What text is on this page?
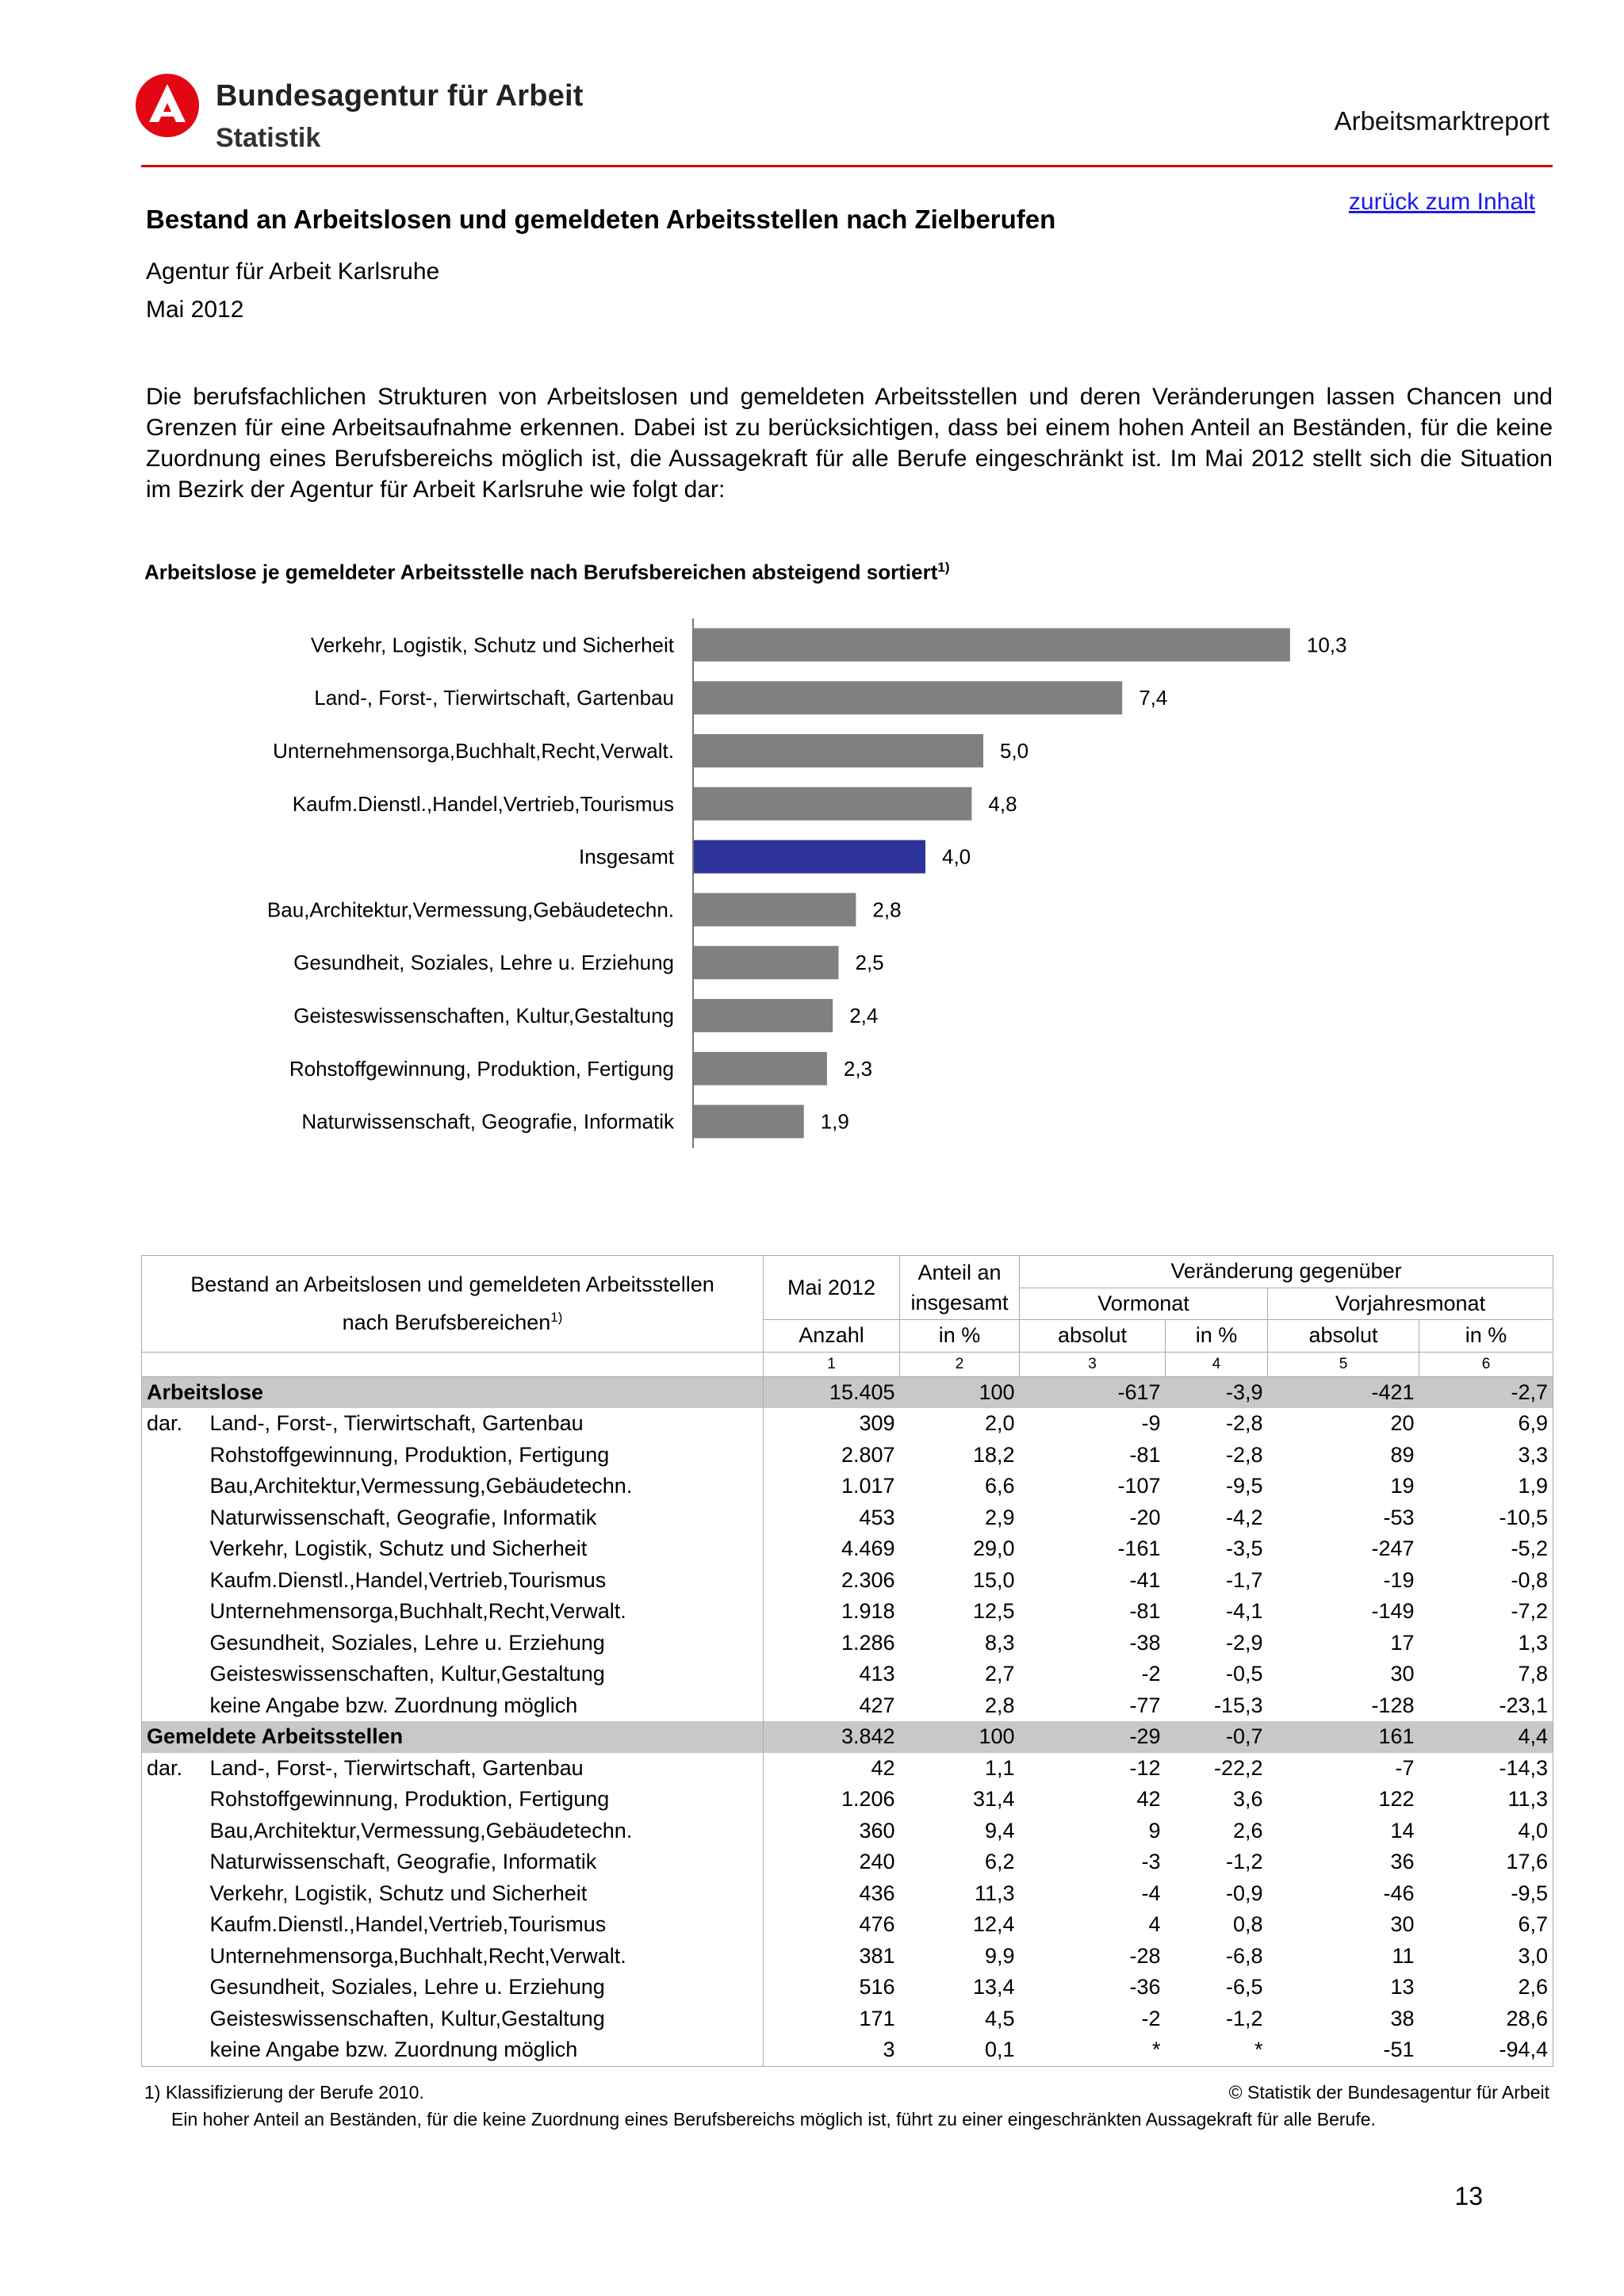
Bundesagentur für Arbeit
Statistik
Arbeitsmarktreport
zurück zum Inhalt
Bestand an Arbeitslosen und gemeldeten Arbeitsstellen nach Zielberufen
Agentur für Arbeit Karlsruhe
Mai 2012
Die berufsfachlichen Strukturen von Arbeitslosen und gemeldeten Arbeitsstellen und deren Veränderungen lassen Chancen und Grenzen für eine Arbeitsaufnahme erkennen. Dabei ist zu berücksichtigen, dass bei einem hohen Anteil an Beständen, für die keine Zuordnung eines Berufsbereichs möglich ist, die Aussagekraft für alle Berufe eingeschränkt ist. Im Mai 2012 stellt sich die Situation im Bezirk der Agentur für Arbeit Karlsruhe wie folgt dar:
Arbeitslose je gemeldeter Arbeitsstelle nach Berufsbereichen absteigend sortiert$^{1)}$
Verkehr, Logistik, Schutz und Sicherheit	10,3
Land-, Forst-, Tierwirtschaft, Gartenbau	7,4
Unternehmensorga,Buchhalt,Recht,Verwalt.	5,0
Kaufm.Dienstl.,Handel,Vertrieb,Tourismus	4,8
Insgesamt	4,0
Bau,Architektur,Vermessung,Gebäudetechn.	2,8
Gesundheit, Soziales, Lehre u. Erziehung	2,5
Geisteswissenschaften, Kultur,Gestaltung	2,4
Rohstoffgewinnung, Produktion, Fertigung	2,3
Naturwissenschaft, Geografie, Informatik	1,9
Bestand an Arbeitslosen und gemeldeten Arbeitsstellen
nach Berufsbereichen$^{1)}$		Mai 2012	Anteil an insgesamt	Veränderung gegenüber			
				Vormonat		Vorjahresmonat	
		Anzahl	in %	absolut	in %	absolut	in %
		1	2	3	4	5	6
Arbeitslose		15.405	100	-617	-3,9	-421	-2,7
dar.	Land-, Forst-, Tierwirtschaft, Gartenbau	309	2,0	-9	-2,8	20	6,9
	Rohstoffgewinnung, Produktion, Fertigung	2.807	18,2	-81	-2,8	89	3,3
	Bau,Architektur,Vermessung,Gebäudetechn.	1.017	6,6	-107	-9,5	19	1,9
	Naturwissenschaft, Geografie, Informatik	453	2,9	-20	-4,2	-53	-10,5
	Verkehr, Logistik, Schutz und Sicherheit	4.469	29,0	-161	-3,5	-247	-5,2
	Kaufm.Dienstl.,Handel,Vertrieb,Tourismus	2.306	15,0	-41	-1,7	-19	-0,8
	Unternehmensorga,Buchhalt,Recht,Verwalt.	1.918	12,5	-81	-4,1	-149	-7,2
	Gesundheit, Soziales, Lehre u. Erziehung	1.286	8,3	-38	-2,9	17	1,3
	Geisteswissenschaften, Kultur,Gestaltung	413	2,7	-2	-0,5	30	7,8
	keine Angabe bzw. Zuordnung möglich	427	2,8	-77	-15,3	-128	-23,1
Gemeldete Arbeitsstellen		3.842	100	-29	-0,7	161	4,4
dar.	Land-, Forst-, Tierwirtschaft, Gartenbau	42	1,1	-12	-22,2	-7	-14,3
	Rohstoffgewinnung, Produktion, Fertigung	1.206	31,4	42	3,6	122	11,3
	Bau,Architektur,Vermessung,Gebäudetechn.	360	9,4	9	2,6	14	4,0
	Naturwissenschaft, Geografie, Informatik	240	6,2	-3	-1,2	36	17,6
	Verkehr, Logistik, Schutz und Sicherheit	436	11,3	-4	-0,9	-46	-9,5
	Kaufm.Dienstl.,Handel,Vertrieb,Tourismus	476	12,4	4	0,8	30	6,7
	Unternehmensorga,Buchhalt,Recht,Verwalt.	381	9,9	-28	-6,8	11	3,0
	Gesundheit, Soziales, Lehre u. Erziehung	516	13,4	-36	-6,5	13	2,6
	Geisteswissenschaften, Kultur,Gestaltung	171	4,5	-2	-1,2	38	28,6
	keine Angabe bzw. Zuordnung möglich	3	0,1	*	*	-51	-94,4
1) Klassifizierung der Berufe 2010.	© Statistik der Bundesagentur für Arbeit
Ein hoher Anteil an Beständen, für die keine Zuordnung eines Berufsbereichs möglich ist, führt zu einer eingeschränkten Aussagekraft für alle Berufe.
13
